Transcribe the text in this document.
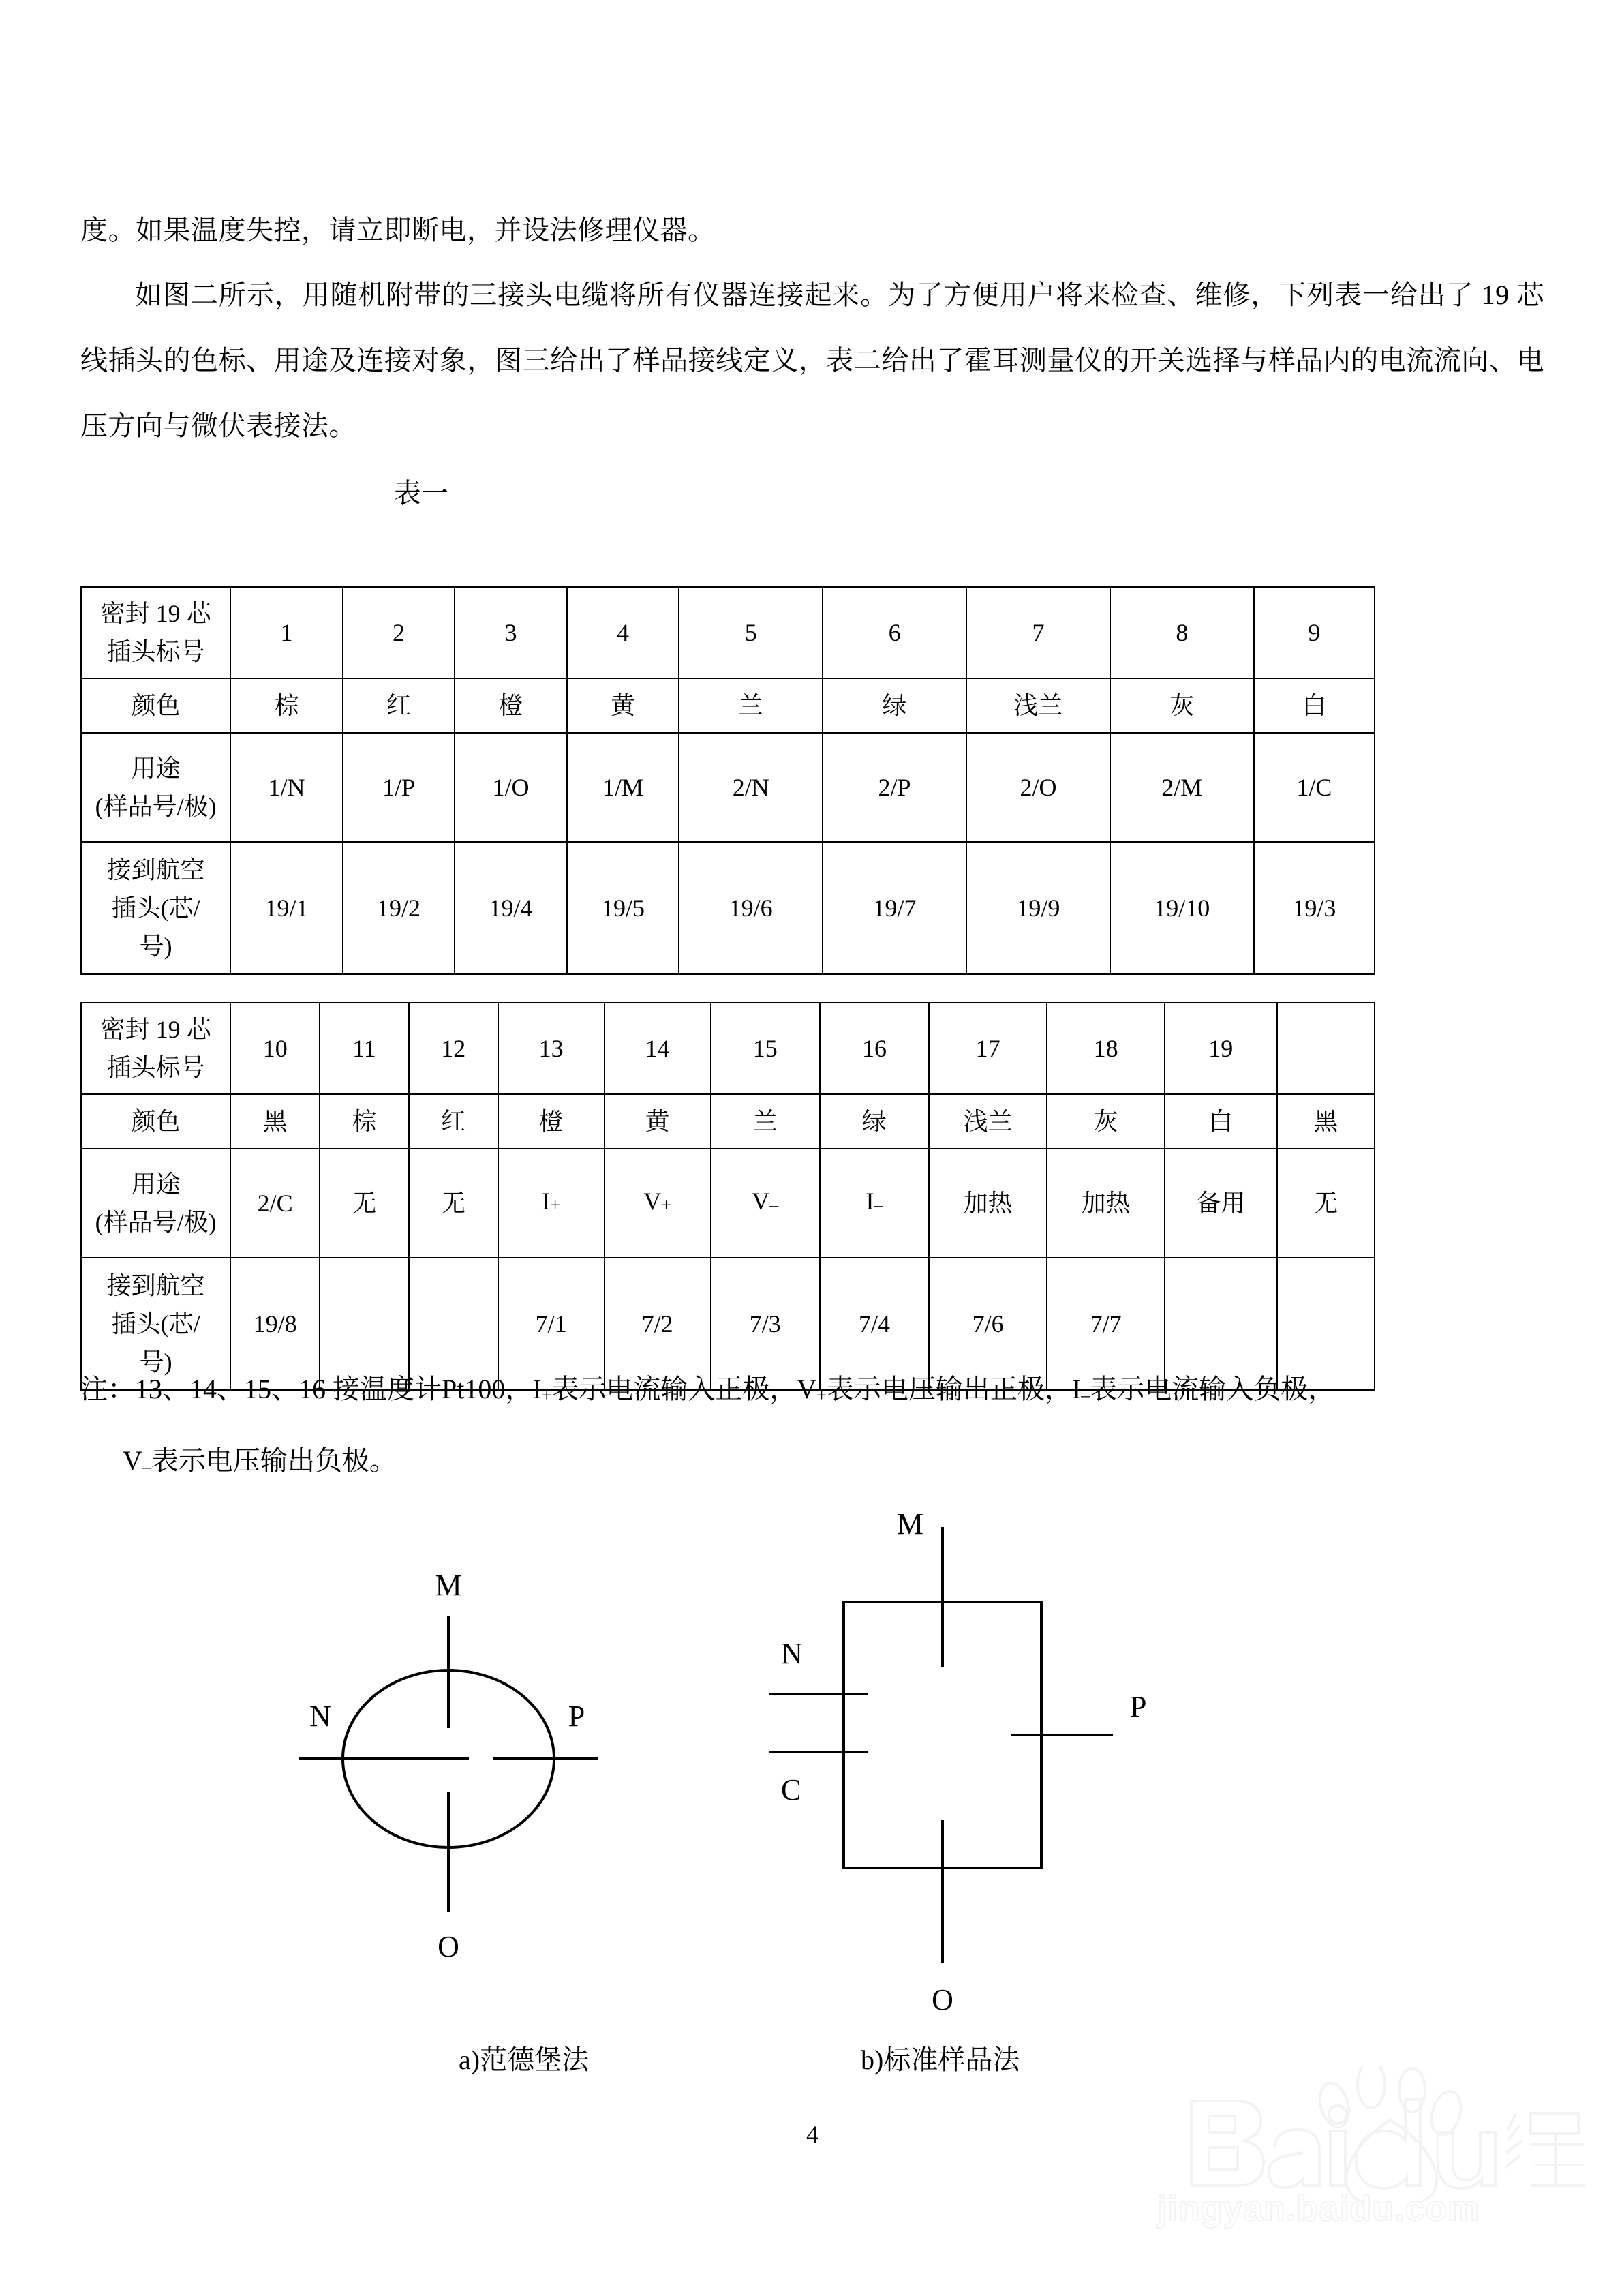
度。如果温度失控，请立即断电，并设法修理仪器。
如图二所示，用随机附带的三接头电缆将所有仪器连接起来。为了方便用户将来检查、维修，下列表一给出了 19 芯线插头的色标、用途及连接对象，图三给出了样品接线定义，表二给出了霍耳测量仪的开关选择与样品内的电流流向、电压方向与微伏表接法。
表一
密封 19 芯插头标号	1	2	3	4	5	6	7	8	9
颜色	棕	红	橙	黄	兰	绿	浅兰	灰	白

用途
(样品号/极)	1/N	1/P	1/O	1/M	2/N	2/P	2/O	2/M	1/C

接到航空
插头(芯/
号)	19/1	19/2	19/4	19/5	19/6	19/7	19/9	19/10	19/3
密封 19 芯
插头标号	10	11	12	13	14	15	16	17	18	19	
颜色	黑	棕	红	橙	黄	兰	绿	浅兰	灰	白	黑

用途
(样品号/极)	2/C	无	无	I+	V+	V–	I–	加热	加热	备用	无

接到航空
插头(芯/
号)	19/8			7/1	7/2	7/3	7/4	7/6	7/7		
注：13、14、15、16 接温度计Pt100，I+表示电流输入正极，V+表示电压输出正极，I–表示电流输入负极，
V–表示电压输出负极。
M
N	P
O
M
N
C
P
O
a)范德堡法	b)标准样品法
4
jingyan.baidu.com
